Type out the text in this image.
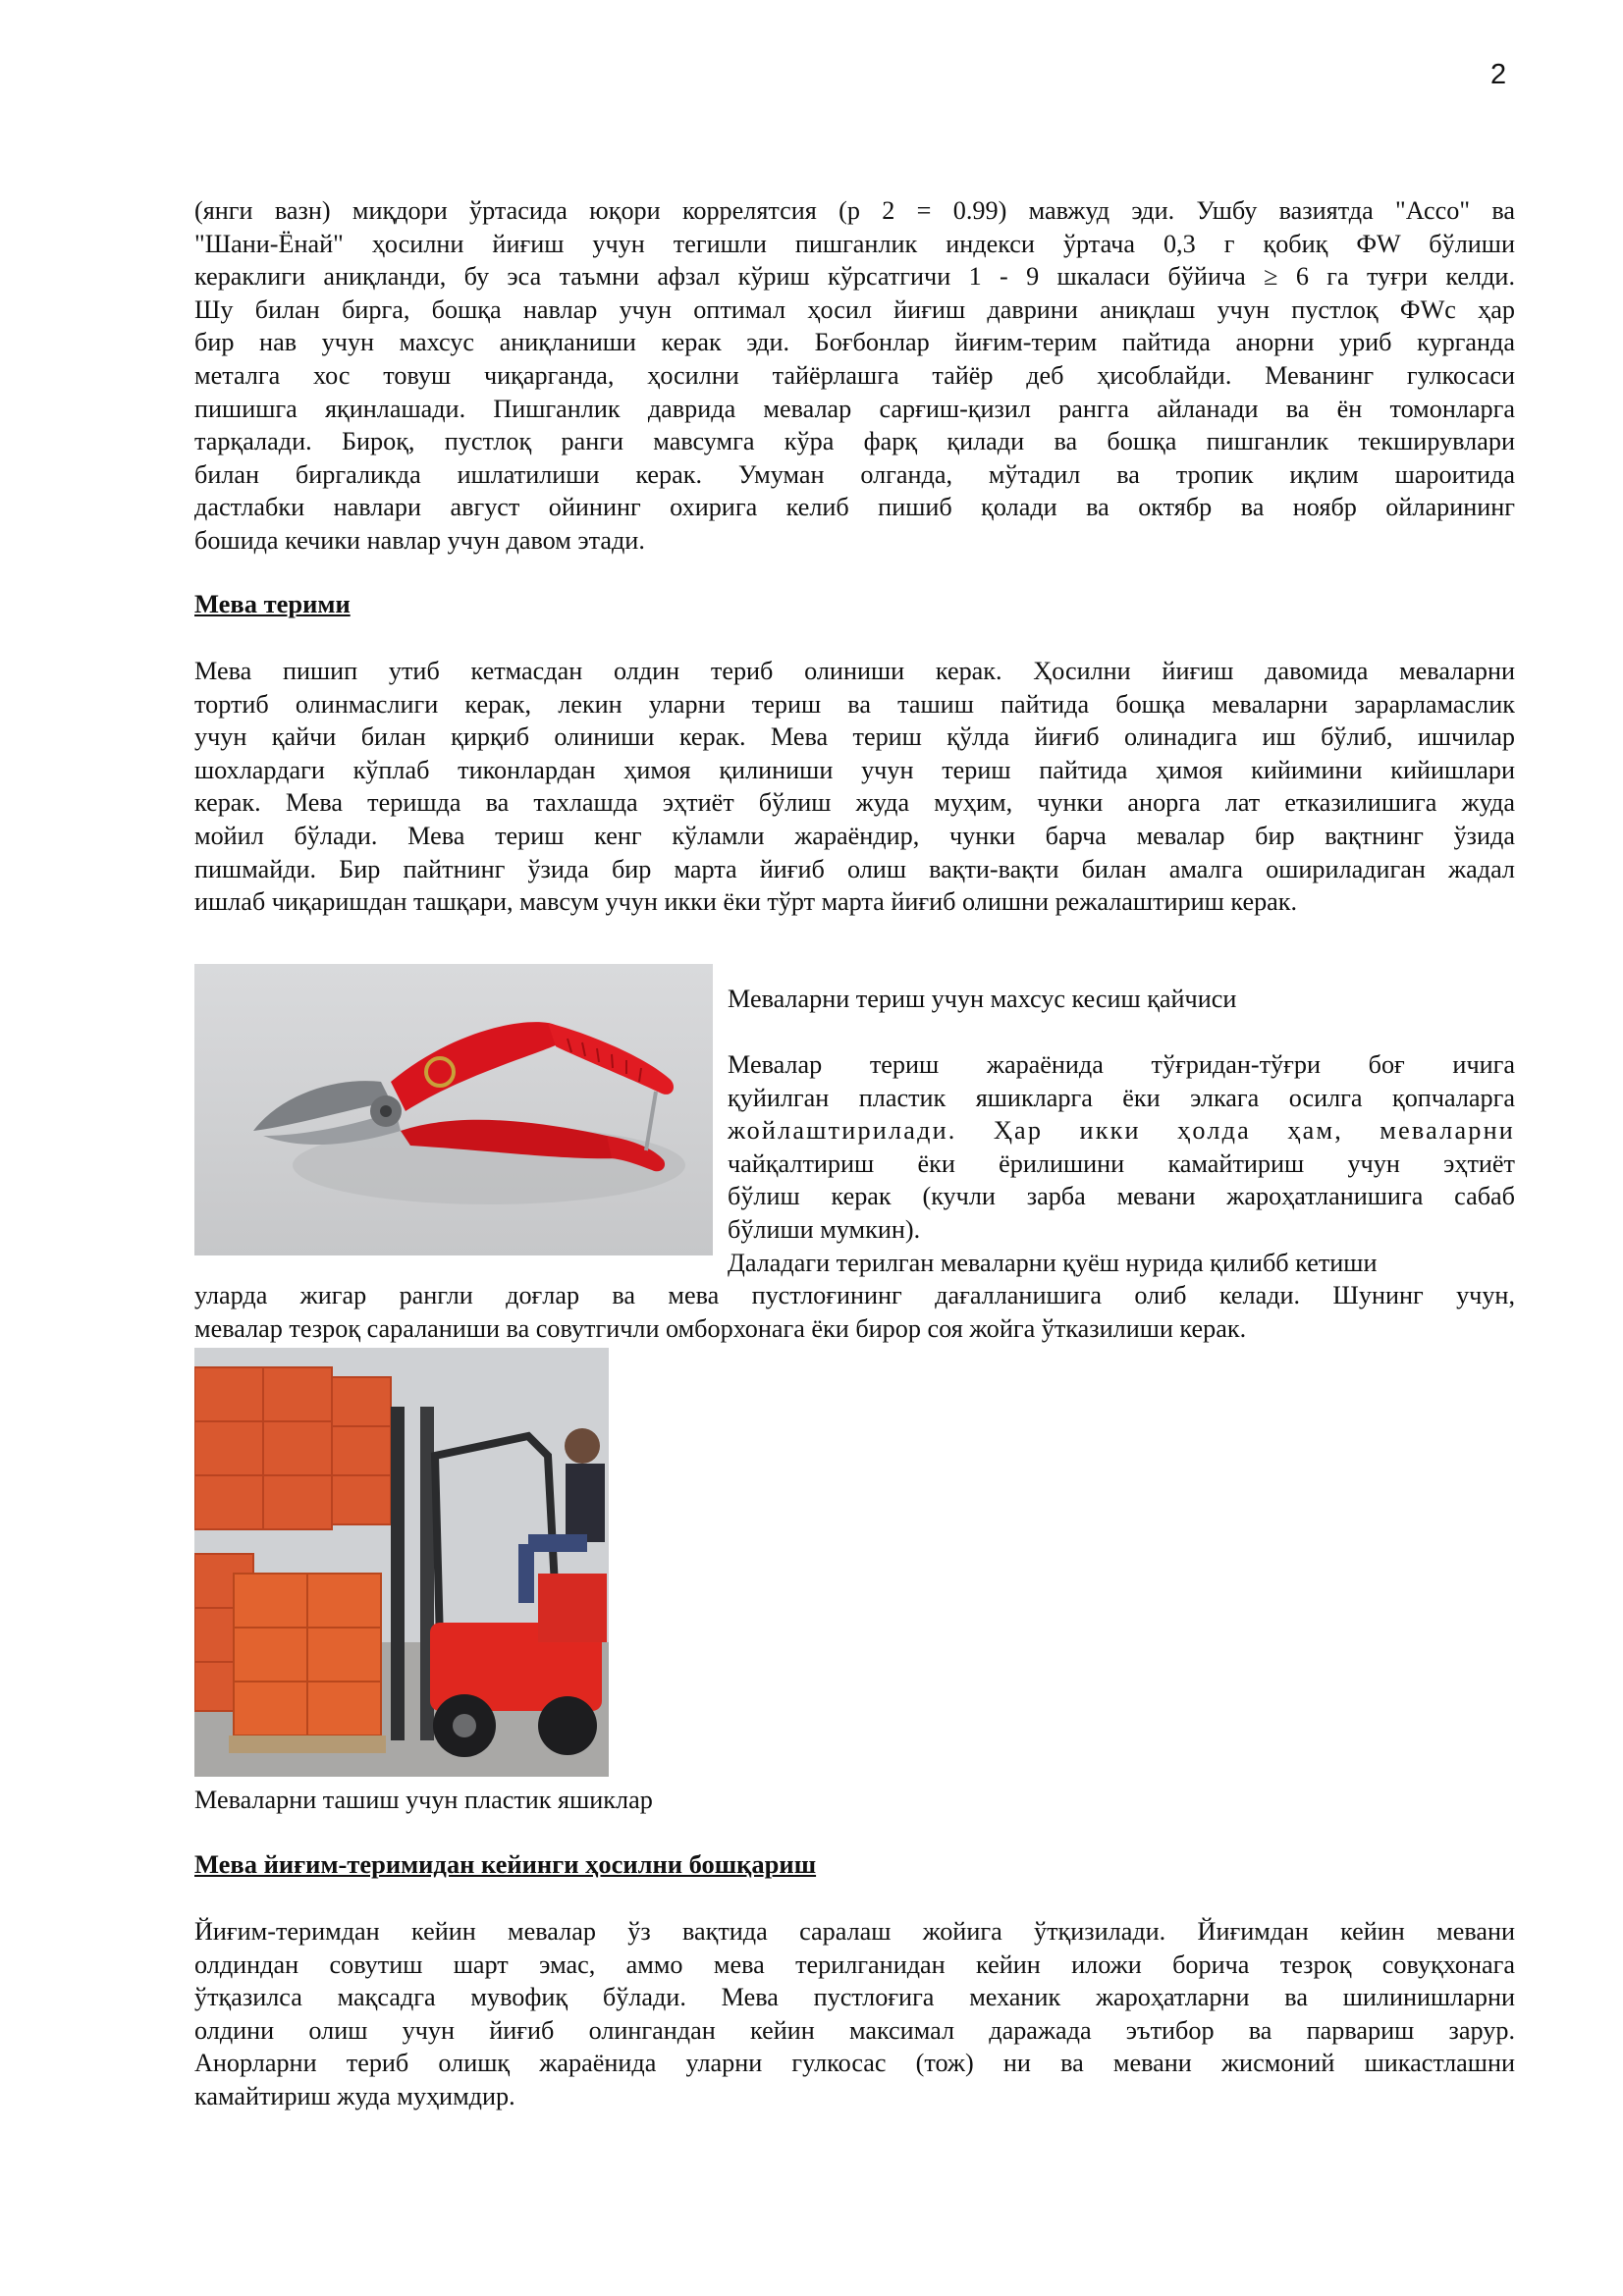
2

(янги вазн) миқдори ўртасида юқори коррелятсия (р 2 = 0.99) мавжуд эди. Ушбу вазиятда "Ассо" ва

"Шани-Ёнай" ҳосилни йиғиш учун тегишли пишганлик индекси ўртача 0,3 г қобиқ ФW бўлиши

кераклиги аниқланди, бу эса таъмни афзал кўриш кўрсатгичи 1 - 9 шкаласи бўйича ≥ 6 га туғри келди.

Шу билан бирга, бошқа навлар учун оптимал ҳосил йиғиш даврини аниқлаш учун пустлоқ ФWс ҳар

бир нав учун махсус аниқланиши керак эди. Боғбонлар йиғим-терим пайтида анорни уриб курганда

металга хос товуш чиқарганда, ҳосилни тайёрлашга тайёр деб ҳисоблайди. Меванинг гулкосаси

пишишга яқинлашади. Пишганлик даврида мевалар сарғиш-қизил рангга айланади ва ён томонларга

тарқалади. Бироқ, пустлоқ ранги мавсумга кўра фарқ қилади ва бошқа пишганлик текширувлари

билан биргаликда ишлатилиши керак. Умуман олганда, мўтадил ва тропик иқлим шароитида

дастлабки навлари август ойининг охирига келиб пишиб қолади ва октябр ва ноябр ойларининг

бошида кечики навлар учун давом этади.

Мева терими

Мева пишип утиб кетмасдан олдин териб олиниши керак. Ҳосилни йиғиш давомида меваларни

тортиб олинмаслиги керак, лекин уларни териш ва ташиш пайтида бошқа меваларни зарарламаслик

учун қайчи билан қирқиб олиниши керак. Мева териш қўлда йиғиб олинадига иш бўлиб, ишчилар

шохлардаги кўплаб тиконлардан ҳимоя қилиниши учун териш пайтида ҳимоя кийимини кийишлари

керак. Мева теришда ва тахлашда эҳтиёт бўлиш жуда муҳим, чунки анорга лат етказилишига жуда

мойил бўлади. Мева териш кенг кўламли жараёндир, чунки барча мевалар бир вақтнинг ўзида

пишмайди. Бир пайтнинг ўзида бир марта йиғиб олиш вақти-вақти билан амалга ошириладиган жадал

ишлаб чиқаришдан ташқари, мавсум учун икки ёки тўрт марта йиғиб олишни режалаштириш керак.

Меваларни териш учун махсус кесиш қайчиси

Мевалар териш жараёнида тўғридан-тўғри боғ ичига

қуйилган пластик яшикларга ёки элкага осилга қопчаларга

жойлаштирилади. Ҳар икки ҳолда ҳам, меваларни

чайқалтириш ёки ёрилишини камайтириш учун эҳтиёт

бўлиш керак (кучли зарба мевани жароҳатланишига сабаб

бўлиши мумкин).

Даладаги терилган меваларни қуёш нурида қилибб кетиши

уларда жигар рангли доғлар ва мева пустлоғининг дағалланишига олиб келади. Шунинг учун,

мевалар тезроқ сараланиши ва совутгичли омборхонага ёки бирор соя жойга ўтказилиши керак.

Меваларни ташиш учун пластик яшиклар
Мева йиғим-теримидан кейинги ҳосилни бошқариш

Йиғим-теримдан кейин мевалар ўз вақтида саралаш жойига ўтқизилади. Йиғимдан кейин мевани

олдиндан совутиш шарт эмас, аммо мева терилганидан кейин иложи борича тезроқ совуқхонага

ўтқазилса мақсадга мувофиқ бўлади. Мева пустлоғига механик жароҳатларни ва шилинишларни

олдини олиш учун йиғиб олингандан кейин максимал даражада эътибор ва парвариш зарур.

Анорларни териб олишқ жараёнида уларни гулкосас (тож) ни ва мевани жисмоний шикастлашни

камайтириш жуда муҳимдир.
